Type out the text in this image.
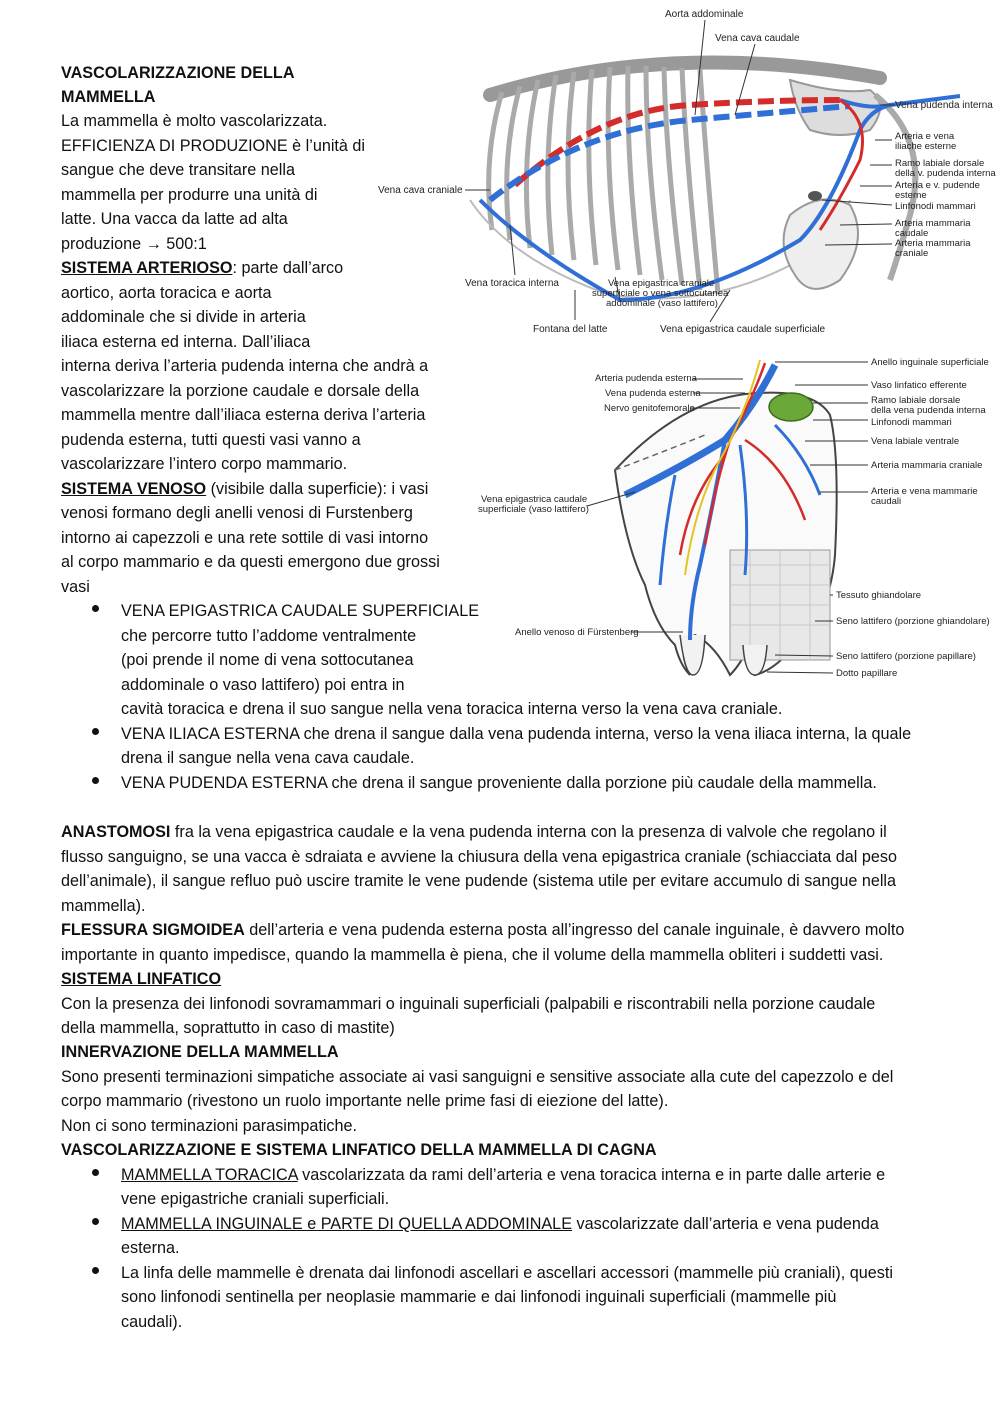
Aorta addominale
Vena cava caudale
Vena pudenda interna
Arteria e vena
iliache esterne
Ramo labiale dorsale
della v. pudenda interna
Arteria e v. pudende
esterne
Linfonodi mammari
Arteria mammaria
caudale
Arteria mammaria
craniale
Vena cava craniale
Vena toracica interna	Vena epigastrica craniale
superficiale o vena sottocutanea
addominale (vaso lattifero)
Fontana del latte	Vena epigastrica caudale superficiale
Arteria pudenda esterna
Vena pudenda esterna
Nervo genitofemorale
Vena epigastrica caudale
superficiale (vaso lattifero)
Anello venoso di Fürstenberg
Anello inguinale superficiale
Vaso linfatico efferente
Ramo labiale dorsale
della vena pudenda interna
Linfonodi mammari
Vena labiale ventrale
Arteria mammaria craniale
Arteria e vena mammarie
caudali
Tessuto ghiandolare
Seno lattifero (porzione ghiandolare)
Seno lattifero (porzione papillare)
Dotto papillare
VASCOLARIZZAZIONE DELLA
MAMMELLA
La mammella è molto vascolarizzata.
EFFICIENZA DI PRODUZIONE è l’unità di
sangue che deve transitare nella
mammella per produrre una unità di
latte. Una vacca da latte ad alta
produzione → 500:1
SISTEMA ARTERIOSO: parte dall’arco
aortico, aorta toracica e aorta
addominale che si divide in arteria
iliaca esterna ed interna. Dall’iliaca
interna deriva l’arteria pudenda interna che andrà a
vascolarizzare la porzione caudale e dorsale della
mammella mentre dall’iliaca esterna deriva l’arteria
pudenda esterna, tutti questi vasi vanno a
vascolarizzare l’intero corpo mammario.
SISTEMA VENOSO (visibile dalla superficie): i vasi
venosi formano degli anelli venosi di Furstenberg
intorno ai capezzoli e una rete sottile di vasi intorno
al corpo mammario e da questi emergono due grossi
vasi
VENA EPIGASTRICA CAUDALE SUPERFICIALE
che percorre tutto l’addome ventralmente
(poi prende il nome di vena sottocutanea
addominale o vaso lattifero) poi entra in
cavità toracica e drena il suo sangue nella vena toracica interna verso la vena cava craniale.
VENA ILIACA ESTERNA che drena il sangue dalla vena pudenda interna, verso la vena iliaca interna, la quale
drena il sangue nella vena cava caudale.
VENA PUDENDA ESTERNA che drena il sangue proveniente dalla porzione più caudale della mammella.
ANASTOMOSI fra la vena epigastrica caudale e la vena pudenda interna con la presenza di valvole che regolano il
flusso sanguigno, se una vacca è sdraiata e avviene la chiusura della vena epigastrica craniale (schiacciata dal peso
dell’animale), il sangue refluo può uscire tramite le vene pudende (sistema utile per evitare accumulo di sangue nella
mammella).
FLESSURA SIGMOIDEA dell’arteria e vena pudenda esterna posta all’ingresso del canale inguinale, è davvero molto
importante in quanto impedisce, quando la mammella è piena, che il volume della mammella obliteri i suddetti vasi.
SISTEMA LINFATICO
Con la presenza dei linfonodi sovramammari o inguinali superficiali (palpabili e riscontrabili nella porzione caudale
della mammella, soprattutto in caso di mastite)
INNERVAZIONE DELLA MAMMELLA
Sono presenti terminazioni simpatiche associate ai vasi sanguigni e sensitive associate alla cute del capezzolo e del
corpo mammario (rivestono un ruolo importante nelle prime fasi di eiezione del latte).
Non ci sono terminazioni parasimpatiche.
VASCOLARIZZAZIONE E SISTEMA LINFATICO DELLA MAMMELLA DI CAGNA
MAMMELLA TORACICA vascolarizzata da rami dell’arteria e vena toracica interna e in parte dalle arterie e
vene epigastriche craniali superficiali.
MAMMELLA INGUINALE e PARTE DI QUELLA ADDOMINALE vascolarizzate dall’arteria e vena pudenda
esterna.
La linfa delle mammelle è drenata dai linfonodi ascellari e ascellari accessori (mammelle più craniali), questi
sono linfonodi sentinella per neoplasie mammarie e dai linfonodi inguinali superficiali (mammelle più
caudali).
